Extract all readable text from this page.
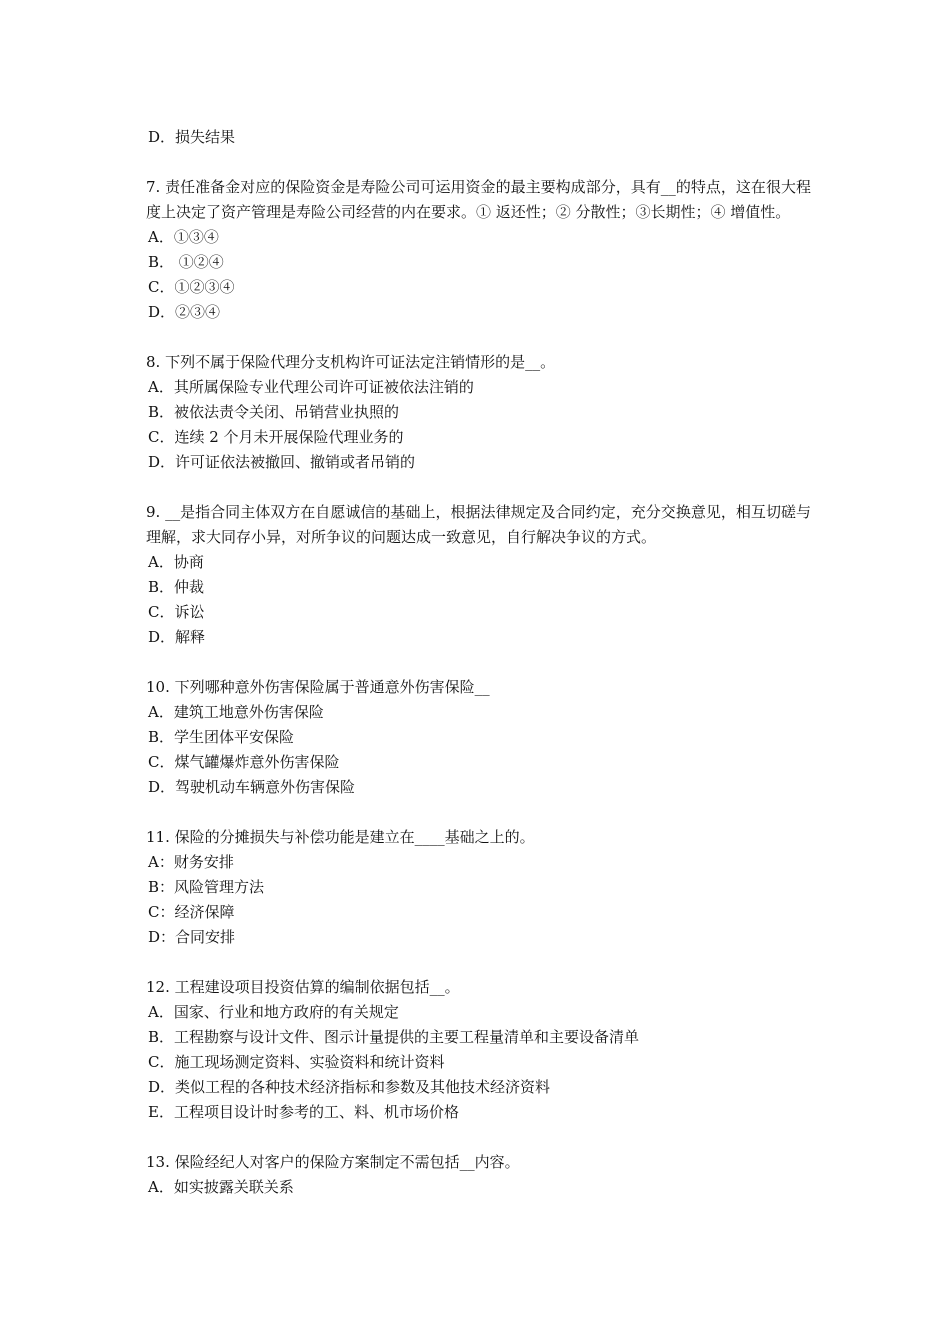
D．损失结果
7. 责任准备金对应的保险资金是寿险公司可运用资金的最主要构成部分，具有__的特点，这在很大程度上决定了资产管理是寿险公司经营的内在要求。① 返还性；② 分散性；③长期性；④ 增值性。
A．①③④
B． ①②④
C．①②③④
D．②③④
8. 下列不属于保险代理分支机构许可证法定注销情形的是__。
A．其所属保险专业代理公司许可证被依法注销的
B．被依法责令关闭、吊销营业执照的
C．连续 2 个月未开展保险代理业务的
D．许可证依法被撤回、撤销或者吊销的
9. __是指合同主体双方在自愿诚信的基础上，根据法律规定及合同约定，充分交换意见，相互切磋与理解，求大同存小异，对所争议的问题达成一致意见，自行解决争议的方式。
A．协商
B．仲裁
C．诉讼
D．解释
10. 下列哪种意外伤害保险属于普通意外伤害保险__
A．建筑工地意外伤害保险
B．学生团体平安保险
C．煤气罐爆炸意外伤害保险
D．驾驶机动车辆意外伤害保险
11. 保险的分摊损失与补偿功能是建立在____基础之上的。
A：财务安排
B：风险管理方法
C：经济保障
D：合同安排
12. 工程建设项目投资估算的编制依据包括__。
A．国家、行业和地方政府的有关规定
B．工程勘察与设计文件、图示计量提供的主要工程量清单和主要设备清单
C．施工现场测定资料、实验资料和统计资料
D．类似工程的各种技术经济指标和参数及其他技术经济资料
E．工程项目设计时参考的工、料、机市场价格
13. 保险经纪人对客户的保险方案制定不需包括__内容。
A．如实披露关联关系
